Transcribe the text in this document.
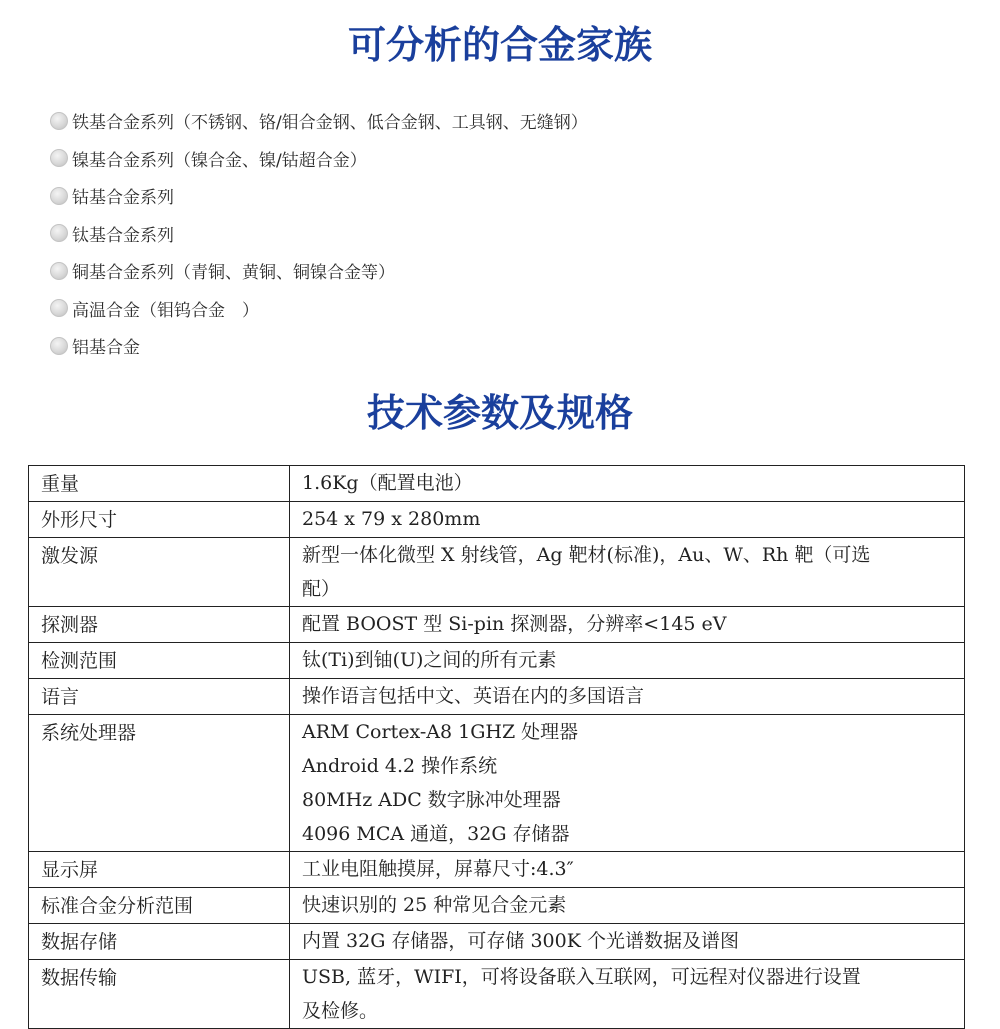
可分析的合金家族
铁基合金系列（不锈钢、铬/钼合金钢、低合金钢、工具钢、无缝钢）
镍基合金系列（镍合金、镍/钴超合金）
钴基合金系列
钛基合金系列
铜基合金系列（青铜、黄铜、铜镍合金等）
高温合金（钼钨合金　）
铝基合金
技术参数及规格
重量	1.6Kg（配置电池）

外形尺寸	254 x 79 x 280mm

激发源	新型一体化微型 X 射线管，Ag 靶材(标准)，Au、W、Rh 靶（可选
配）

探测器	配置 BOOST 型 Si-pin 探测器，分辨率<145 eV

检测范围	钛(Ti)到铀(U)之间的所有元素

语言	操作语言包括中文、英语在内的多国语言

系统处理器	ARM Cortex-A8 1GHZ 处理器
Android 4.2 操作系统
80MHz ADC 数字脉冲处理器
4096 MCA 通道，32G 存储器

显示屏	工业电阻触摸屏，屏幕尺寸:4.3″

标准合金分析范围	快速识别的 25 种常见合金元素

数据存储	内置 32G 存储器，可存储 300K 个光谱数据及谱图

数据传输	USB, 蓝牙，WIFI，可将设备联入互联网，可远程对仪器进行设置
及检修。
